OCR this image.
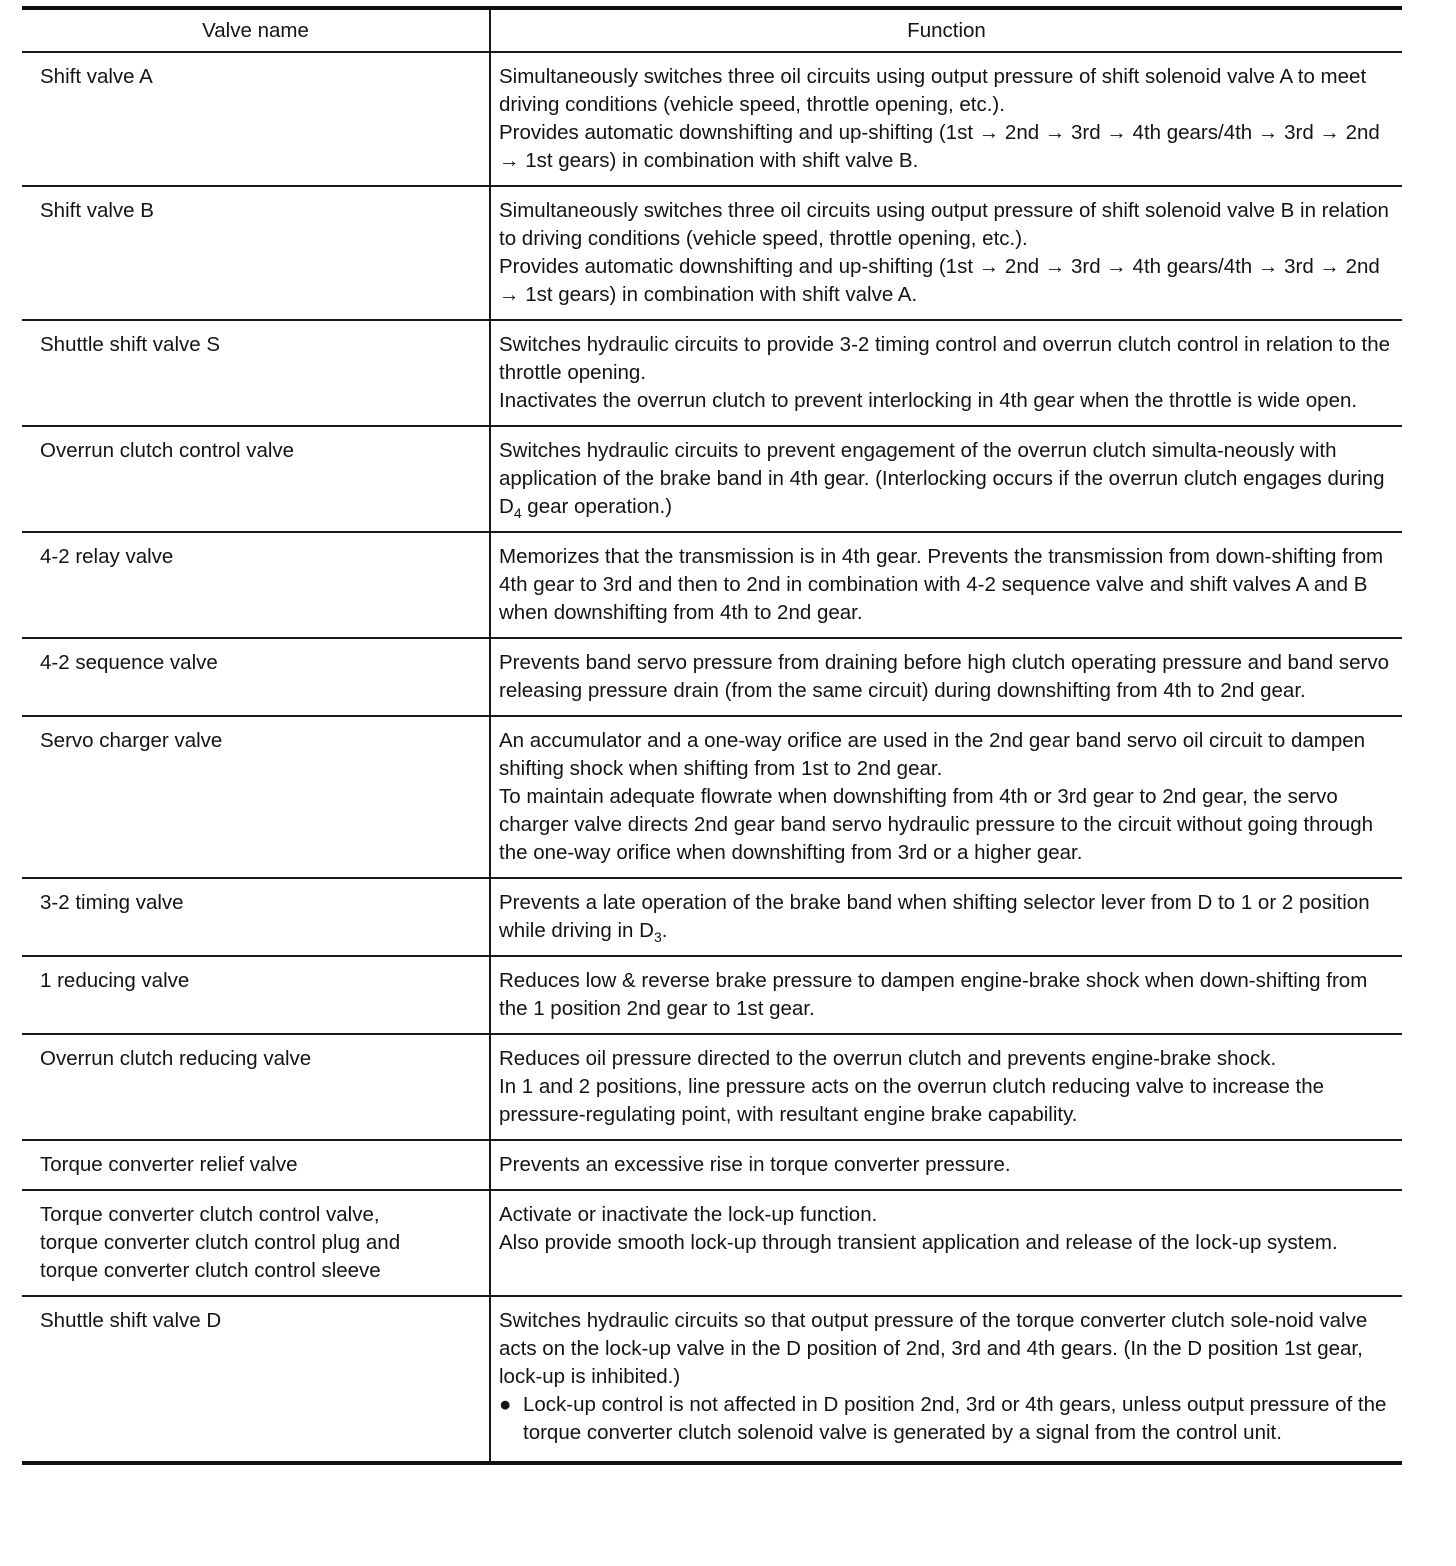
Valve name	Function

Shift valve A	Simultaneously switches three oil circuits using output pressure of shift solenoid valve A to meet driving conditions (vehicle speed, throttle opening, etc.).
Provides automatic downshifting and up-shifting (1st → 2nd → 3rd → 4th gears/4th → 3rd → 2nd → 1st gears) in combination with shift valve B.

Shift valve B	Simultaneously switches three oil circuits using output pressure of shift solenoid valve B in relation to driving conditions (vehicle speed, throttle opening, etc.).
Provides automatic downshifting and up-shifting (1st → 2nd → 3rd → 4th gears/4th → 3rd → 2nd → 1st gears) in combination with shift valve A.

Shuttle shift valve S	Switches hydraulic circuits to provide 3-2 timing control and overrun clutch control in relation to the throttle opening.
Inactivates the overrun clutch to prevent interlocking in 4th gear when the throttle is wide open.

Overrun clutch control valve	Switches hydraulic circuits to prevent engagement of the overrun clutch simulta-neously with application of the brake band in 4th gear. (Interlocking occurs if the overrun clutch engages during $D_4$ gear operation.)

4-2 relay valve	Memorizes that the transmission is in 4th gear. Prevents the transmission from down-shifting from 4th gear to 3rd and then to 2nd in combination with 4-2 sequence valve and shift valves A and B when downshifting from 4th to 2nd gear.

4-2 sequence valve	Prevents band servo pressure from draining before high clutch operating pressure and band servo releasing pressure drain (from the same circuit) during downshifting from 4th to 2nd gear.

Servo charger valve	An accumulator and a one-way orifice are used in the 2nd gear band servo oil circuit to dampen shifting shock when shifting from 1st to 2nd gear.
To maintain adequate flowrate when downshifting from 4th or 3rd gear to 2nd gear, the servo charger valve directs 2nd gear band servo hydraulic pressure to the circuit without going through the one-way orifice when downshifting from 3rd or a higher gear.

3-2 timing valve	Prevents a late operation of the brake band when shifting selector lever from D to 1 or 2 position while driving in $D_3$.

1 reducing valve	Reduces low & reverse brake pressure to dampen engine-brake shock when down-shifting from the 1 position 2nd gear to 1st gear.

Overrun clutch reducing valve	Reduces oil pressure directed to the overrun clutch and prevents engine-brake shock.
In 1 and 2 positions, line pressure acts on the overrun clutch reducing valve to increase the pressure-regulating point, with resultant engine brake capability.

Torque converter relief valve	Prevents an excessive rise in torque converter pressure.

Torque converter clutch control valve,
torque converter clutch control plug and
torque converter clutch control sleeve	Activate or inactivate the lock-up function.
Also provide smooth lock-up through transient application and release of the lock-up system.

Shuttle shift valve D	Switches hydraulic circuits so that output pressure of the torque converter clutch sole-noid valve acts on the lock-up valve in the D position of 2nd, 3rd and 4th gears. (In the D position 1st gear, lock-up is inhibited.)
● Lock-up control is not affected in D position 2nd, 3rd or 4th gears, unless output pressure of the torque converter clutch solenoid valve is generated by a signal from the control unit.
